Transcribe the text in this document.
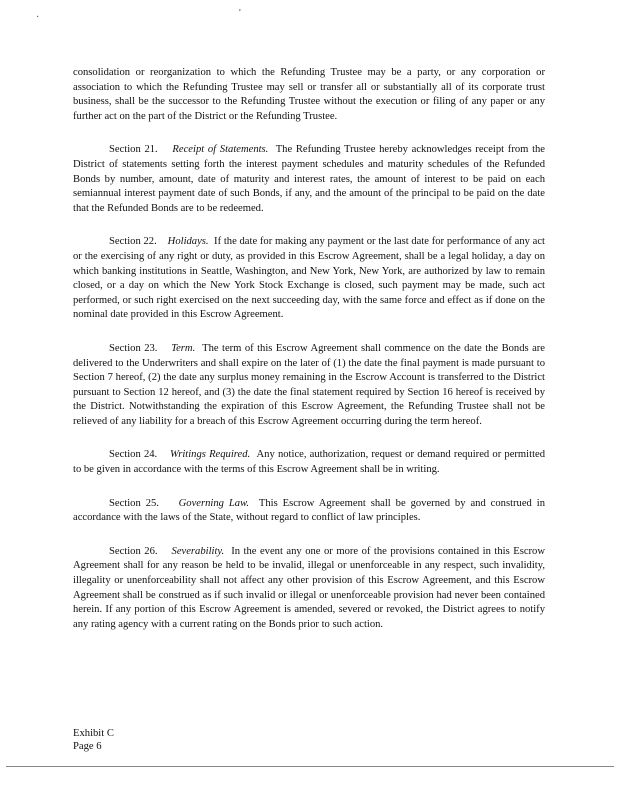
·	'

consolidation or reorganization to which the Refunding Trustee may be a party, or any corporation or association to which the Refunding Trustee may sell or transfer all or substantially all of its corporate trust business, shall be the successor to the Refunding Trustee without the execution or filing of any paper or any further act on the part of the District or the Refunding Trustee.

Section 21. Receipt of Statements. The Refunding Trustee hereby acknowledges receipt from the District of statements setting forth the interest payment schedules and maturity schedules of the Refunded Bonds by number, amount, date of maturity and interest rates, the amount of interest to be paid on each semiannual interest payment date of such Bonds, if any, and the amount of the principal to be paid on the date that the Refunded Bonds are to be redeemed.

Section 22. Holidays. If the date for making any payment or the last date for performance of any act or the exercising of any right or duty, as provided in this Escrow Agreement, shall be a legal holiday, a day on which banking institutions in Seattle, Washington, and New York, New York, are authorized by law to remain closed, or a day on which the New York Stock Exchange is closed, such payment may be made, such act performed, or such right exercised on the next succeeding day, with the same force and effect as if done on the nominal date provided in this Escrow Agreement.

Section 23. Term. The term of this Escrow Agreement shall commence on the date the Bonds are delivered to the Underwriters and shall expire on the later of (1) the date the final payment is made pursuant to Section 7 hereof, (2) the date any surplus money remaining in the Escrow Account is transferred to the District pursuant to Section 12 hereof, and (3) the date the final statement required by Section 16 hereof is received by the District. Notwithstanding the expiration of this Escrow Agreement, the Refunding Trustee shall not be relieved of any liability for a breach of this Escrow Agreement occurring during the term hereof.

Section 24. Writings Required. Any notice, authorization, request or demand required or permitted to be given in accordance with the terms of this Escrow Agreement shall be in writing.

Section 25. Governing Law. This Escrow Agreement shall be governed by and construed in accordance with the laws of the State, without regard to conflict of law principles.

Section 26. Severability. In the event any one or more of the provisions contained in this Escrow Agreement shall for any reason be held to be invalid, illegal or unenforceable in any respect, such invalidity, illegality or unenforceability shall not affect any other provision of this Escrow Agreement, and this Escrow Agreement shall be construed as if such invalid or illegal or unenforceable provision had never been contained herein. If any portion of this Escrow Agreement is amended, severed or revoked, the District agrees to notify any rating agency with a current rating on the Bonds prior to such action.

Exhibit C
Page 6
